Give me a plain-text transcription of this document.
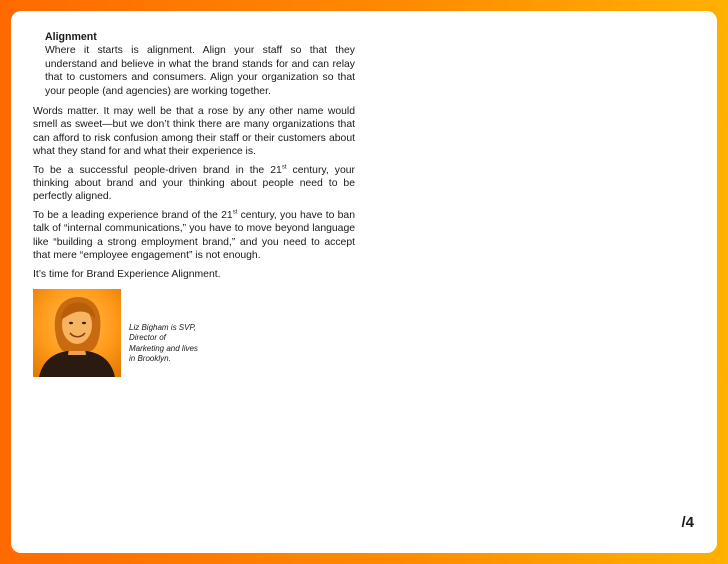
Alignment

Where it starts is alignment. Align your staff so that they understand and believe in what the brand stands for and can relay that to customers and consumers. Align your organization so that your people (and agencies) are working together.

Words matter. It may well be that a rose by any other name would smell as sweet—but we don’t think there are many organizations that can afford to risk confusion among their staff or their customers about what they stand for and what their experience is.

To be a successful people-driven brand in the 21st century, your thinking about brand and your thinking about people need to be perfectly aligned.

To be a leading experience brand of the 21st century, you have to ban talk of “internal communications,” you have to move beyond language like “building a strong employment brand,” and you need to accept that mere “employee engagement” is not enough.

It’s time for Brand Experience Alignment.

Liz Bigham is SVP, Director of Marketing and lives in Brooklyn.
/4
